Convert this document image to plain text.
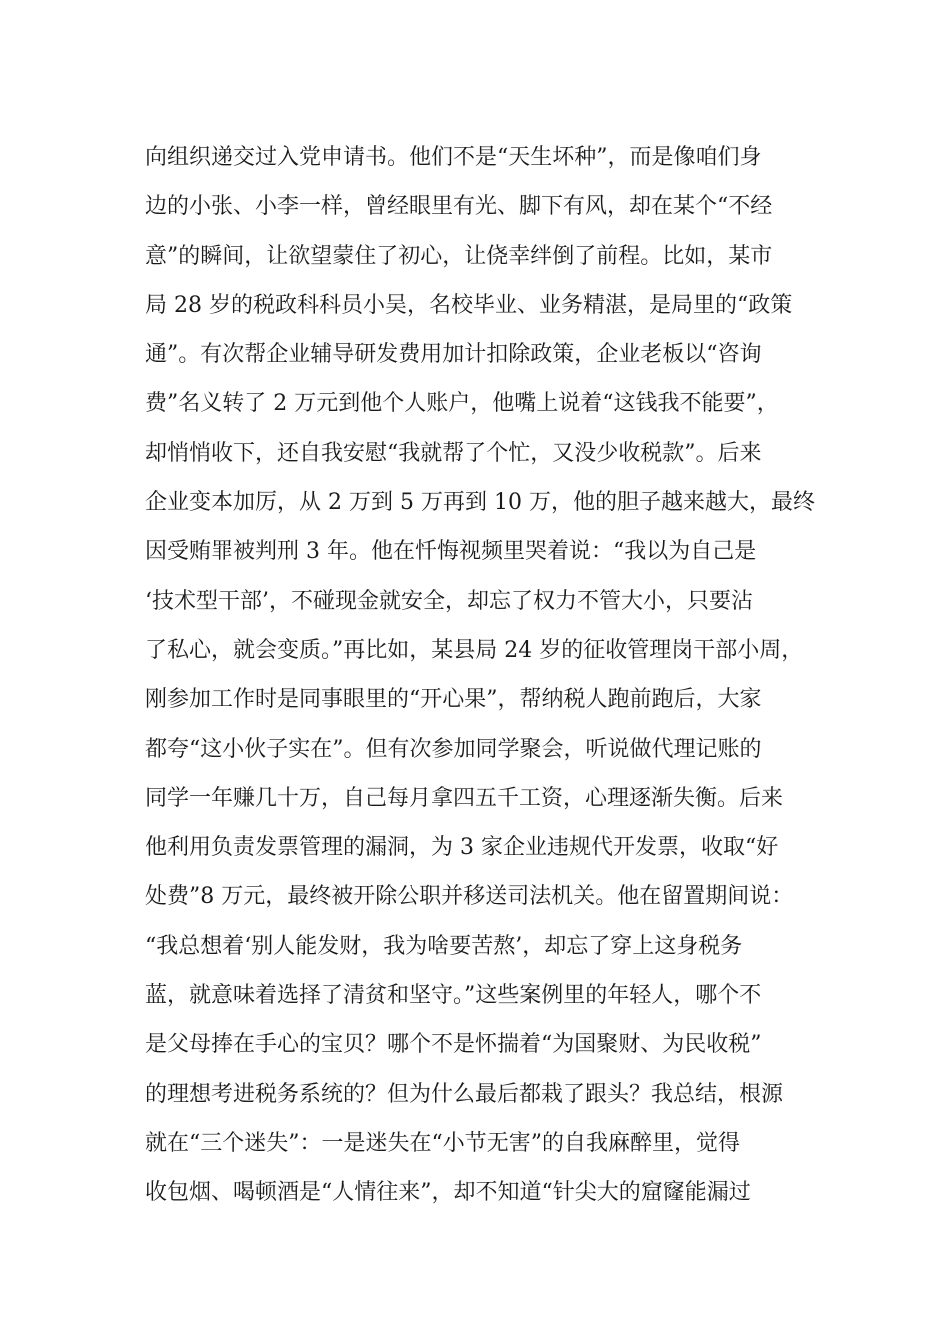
向组织递交过入党申请书。他们不是“天生坏种”，而是像咱们身
边的小张、小李一样，曾经眼里有光、脚下有风，却在某个“不经
意”的瞬间，让欲望蒙住了初心，让侥幸绊倒了前程。比如，某市
局 28 岁的税政科科员小吴，名校毕业、业务精湛，是局里的“政策
通”。有次帮企业辅导研发费用加计扣除政策，企业老板以“咨询
费”名义转了 2 万元到他个人账户，他嘴上说着“这钱我不能要”，
却悄悄收下，还自我安慰“我就帮了个忙，又没少收税款”。后来
企业变本加厉，从 2 万到 5 万再到 10 万，他的胆子越来越大，最终
因受贿罪被判刑 3 年。他在忏悔视频里哭着说：“我以为自己是
‘技术型干部’，不碰现金就安全，却忘了权力不管大小，只要沾
了私心，就会变质。”再比如，某县局 24 岁的征收管理岗干部小周，
刚参加工作时是同事眼里的“开心果”，帮纳税人跑前跑后，大家
都夸“这小伙子实在”。但有次参加同学聚会，听说做代理记账的
同学一年赚几十万，自己每月拿四五千工资，心理逐渐失衡。后来
他利用负责发票管理的漏洞，为 3 家企业违规代开发票，收取“好
处费”8 万元，最终被开除公职并移送司法机关。他在留置期间说：
“我总想着‘别人能发财，我为啥要苦熬’，却忘了穿上这身税务
蓝，就意味着选择了清贫和坚守。”这些案例里的年轻人，哪个不
是父母捧在手心的宝贝？哪个不是怀揣着“为国聚财、为民收税”
的理想考进税务系统的？但为什么最后都栽了跟头？我总结，根源
就在“三个迷失”：一是迷失在“小节无害”的自我麻醉里，觉得
收包烟、喝顿酒是“人情往来”，却不知道“针尖大的窟窿能漏过
